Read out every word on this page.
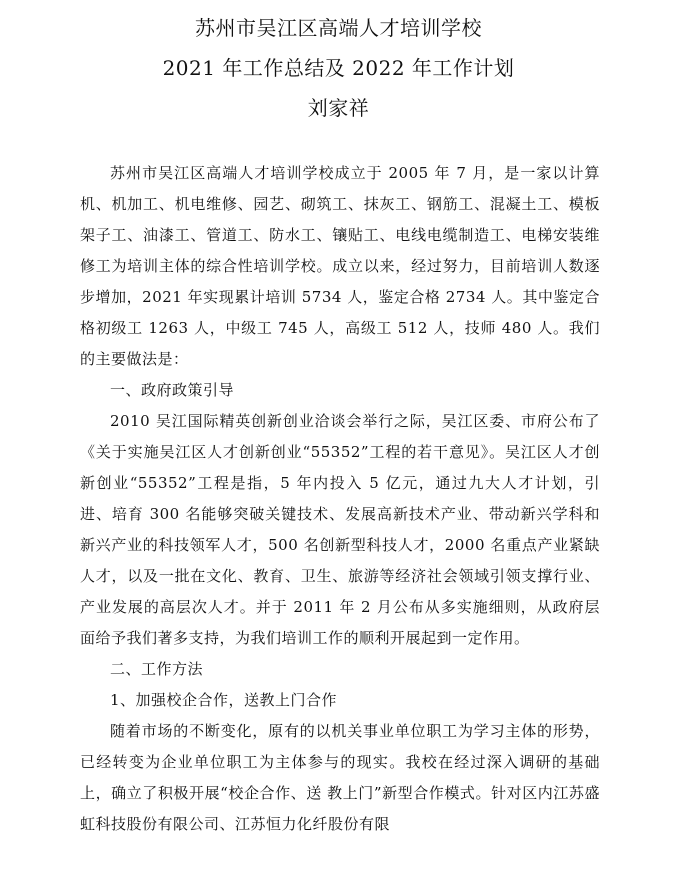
苏州市吴江区高端人才培训学校
2021 年工作总结及 2022 年工作计划
刘家祥

苏州市吴江区高端人才培训学校成立于 2005 年 7 月，是一家以计算机、机加工、机电维修、园艺、砌筑工、抹灰工、钢筋工、混凝土工、模板架子工、油漆工、管道工、防水工、镶贴工、电线电缆制造工、电梯安装维修工为培训主体的综合性培训学校。成立以来，经过努力，目前培训人数逐步增加，2021 年实现累计培训 5734 人，鉴定合格 2734 人。其中鉴定合格初级工 1263 人，中级工 745 人，高级工 512 人，技师 480 人。我们的主要做法是：

一、政府政策引导

2010 吴江国际精英创新创业洽谈会举行之际，吴江区委、市府公布了《关于实施吴江区人才创新创业“55352”工程的若干意见》。吴江区人才创新创业“55352”工程是指，5 年内投入 5 亿元，通过九大人才计划，引进、培育 300 名能够突破关键技术、发展高新技术产业、带动新兴学科和新兴产业的科技领军人才，500 名创新型科技人才，2000 名重点产业紧缺人才，以及一批在文化、教育、卫生、旅游等经济社会领域引领支撑行业、产业发展的高层次人才。并于 2011 年 2 月公布从多实施细则，从政府层面给予我们著多支持，为我们培训工作的顺利开展起到一定作用。

二、工作方法

1、加强校企合作，送教上门合作

随着市场的不断变化，原有的以机关事业单位职工为学习主体的形势，已经转变为企业单位职工为主体参与的现实。我校在经过深入调研的基础上，确立了积极开展“校企合作、送 教上门”新型合作模式。针对区内江苏盛虹科技股份有限公司、江苏恒力化纤股份有限
